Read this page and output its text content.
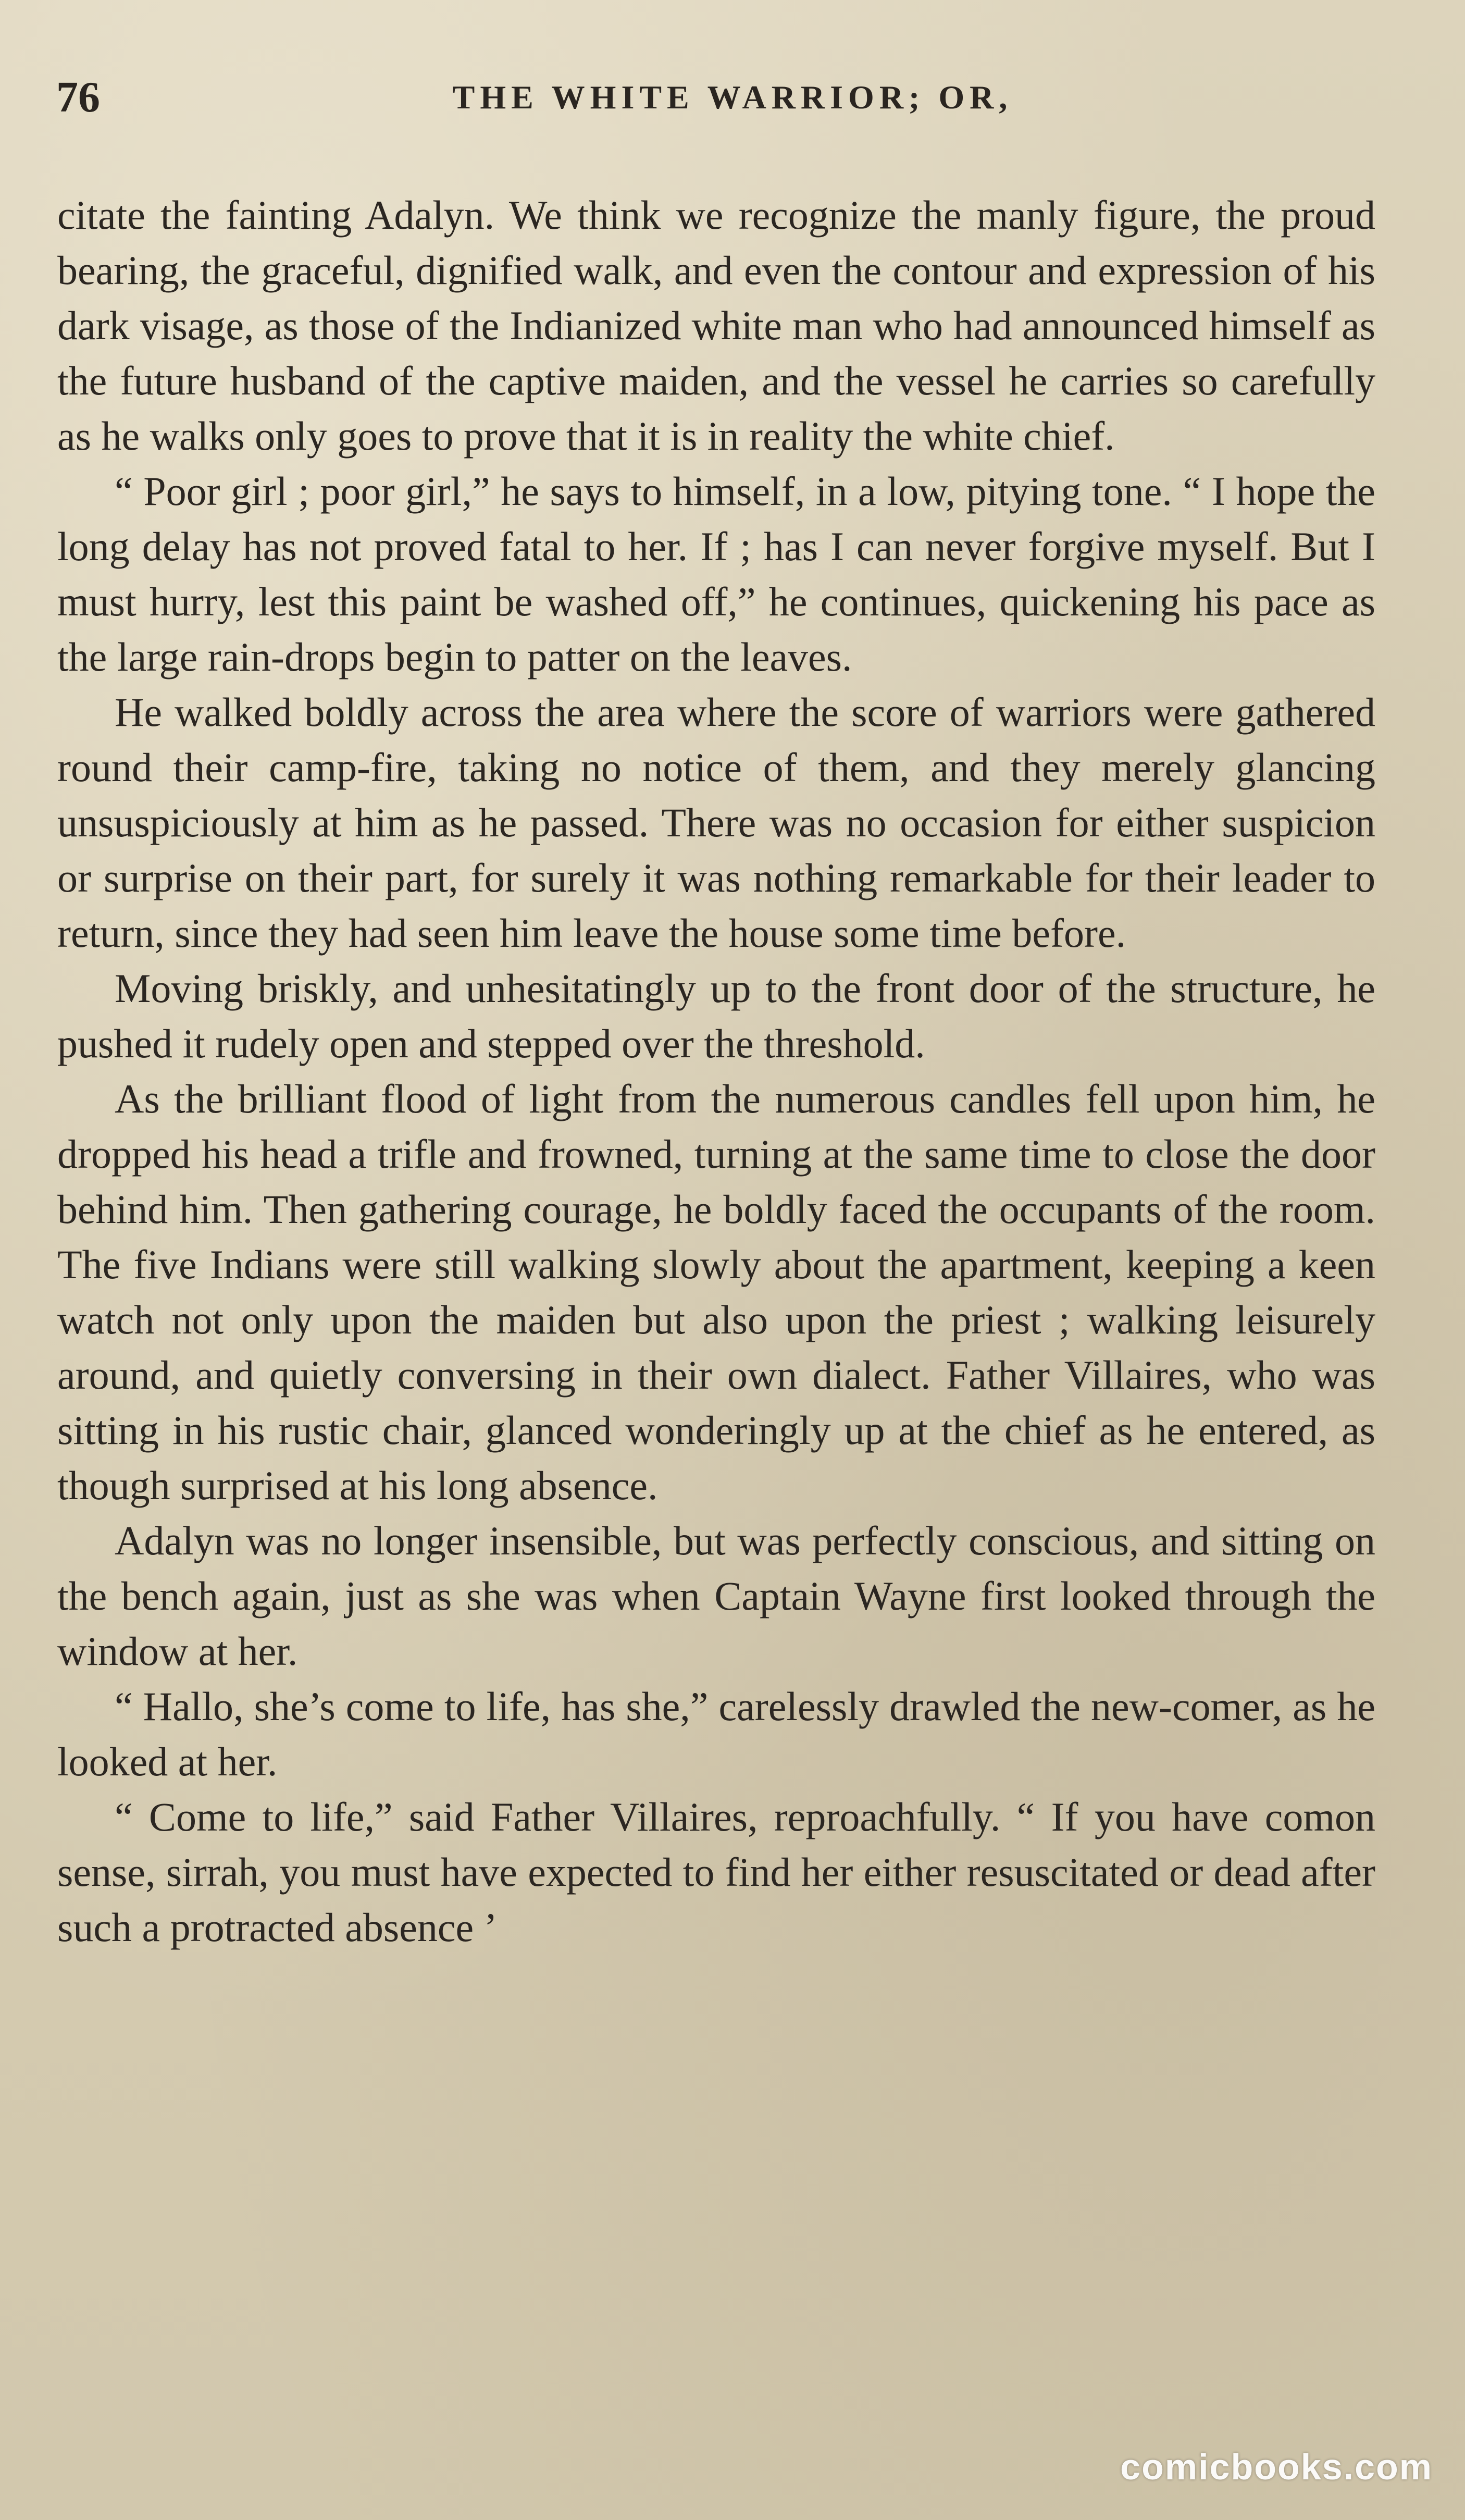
76	THE WHITE WARRIOR; OR,

citate the fainting Adalyn. We think we recognize the manly figure, the proud bearing, the graceful, dignified walk, and even the contour and expression of his dark visage, as those of the Indianized white man who had announced himself as the future husband of the captive maiden, and the vessel he carries so carefully as he walks only goes to prove that it is in reality the white chief.

“ Poor girl ; poor girl,” he says to himself, in a low, pitying tone. “ I hope the long delay has not proved fatal to her. If ; has I can never forgive myself. But I must hurry, lest this paint be washed off,” he continues, quickening his pace as the large rain-drops begin to patter on the leaves.

He walked boldly across the area where the score of warriors were gathered round their camp-fire, taking no notice of them, and they merely glancing unsuspiciously at him as he passed. There was no occasion for either suspicion or surprise on their part, for surely it was nothing remarkable for their leader to return, since they had seen him leave the house some time before.

Moving briskly, and unhesitatingly up to the front door of the structure, he pushed it rudely open and stepped over the threshold.

As the brilliant flood of light from the numerous candles fell upon him, he dropped his head a trifle and frowned, turning at the same time to close the door behind him. Then gathering courage, he boldly faced the occupants of the room. The five Indians were still walking slowly about the apartment, keeping a keen watch not only upon the maiden but also upon the priest ; walking leisurely around, and quietly conversing in their own dialect. Father Villaires, who was sitting in his rustic chair, glanced wonderingly up at the chief as he entered, as though surprised at his long absence.

Adalyn was no longer insensible, but was perfectly conscious, and sitting on the bench again, just as she was when Captain Wayne first looked through the window at her.

“ Hallo, she’s come to life, has she,” carelessly drawled the new-comer, as he looked at her.

“ Come to life,” said Father Villaires, reproachfully. “ If you have comon sense, sirrah, you must have expected to find her either resuscitated or dead after such a protracted absence ’

comicbooks.com
